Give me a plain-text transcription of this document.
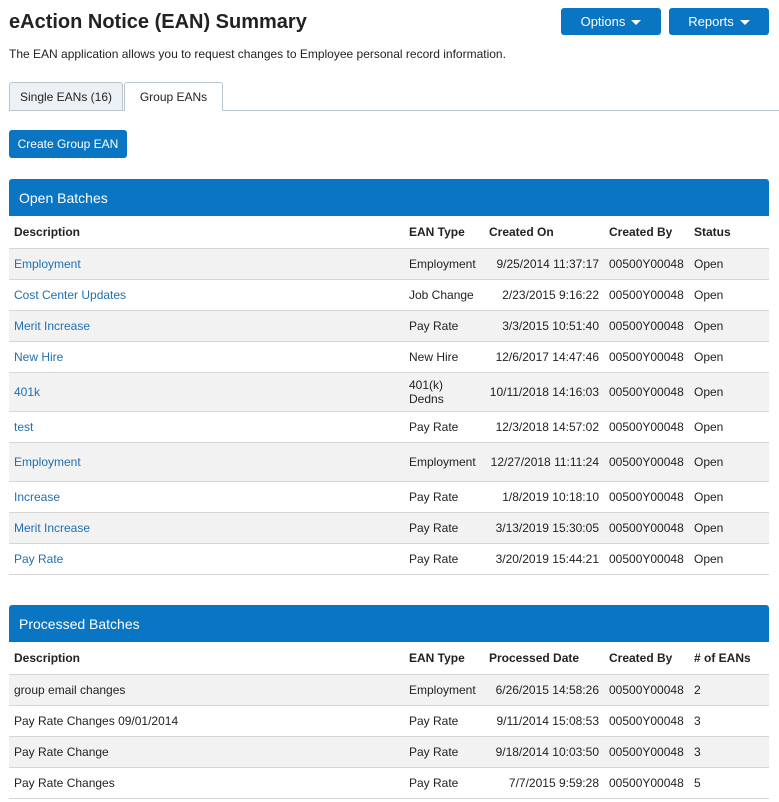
eAction Notice (EAN) Summary	Options	Reports
The EAN application allows you to request changes to Employee personal record information.
Single EANs (16)	Group EANs
Create Group EAN
Open Batches
Description	EAN Type	Created On	Created By	Status
Employment	Employment	9/25/2014 11:37:17	00500Y00048	Open
Cost Center Updates	Job Change	2/23/2015 9:16:22	00500Y00048	Open
Merit Increase	Pay Rate	3/3/2015 10:51:40	00500Y00048	Open
New Hire	New Hire	12/6/2017 14:47:46	00500Y00048	Open
401k	401(k) Dedns	10/11/2018 14:16:03	00500Y00048	Open
test	Pay Rate	12/3/2018 14:57:02	00500Y00048	Open
Employment	Employment	12/27/2018 11:11:24	00500Y00048	Open
Increase	Pay Rate	1/8/2019 10:18:10	00500Y00048	Open
Merit Increase	Pay Rate	3/13/2019 15:30:05	00500Y00048	Open
Pay Rate	Pay Rate	3/20/2019 15:44:21	00500Y00048	Open
Processed Batches
Description	EAN Type	Processed Date	Created By	# of EANs
group email changes	Employment	6/26/2015 14:58:26	00500Y00048	2
Pay Rate Changes 09/01/2014	Pay Rate	9/11/2014 15:08:53	00500Y00048	3
Pay Rate Change	Pay Rate	9/18/2014 10:03:50	00500Y00048	3
Pay Rate Changes	Pay Rate	7/7/2015 9:59:28	00500Y00048	5
